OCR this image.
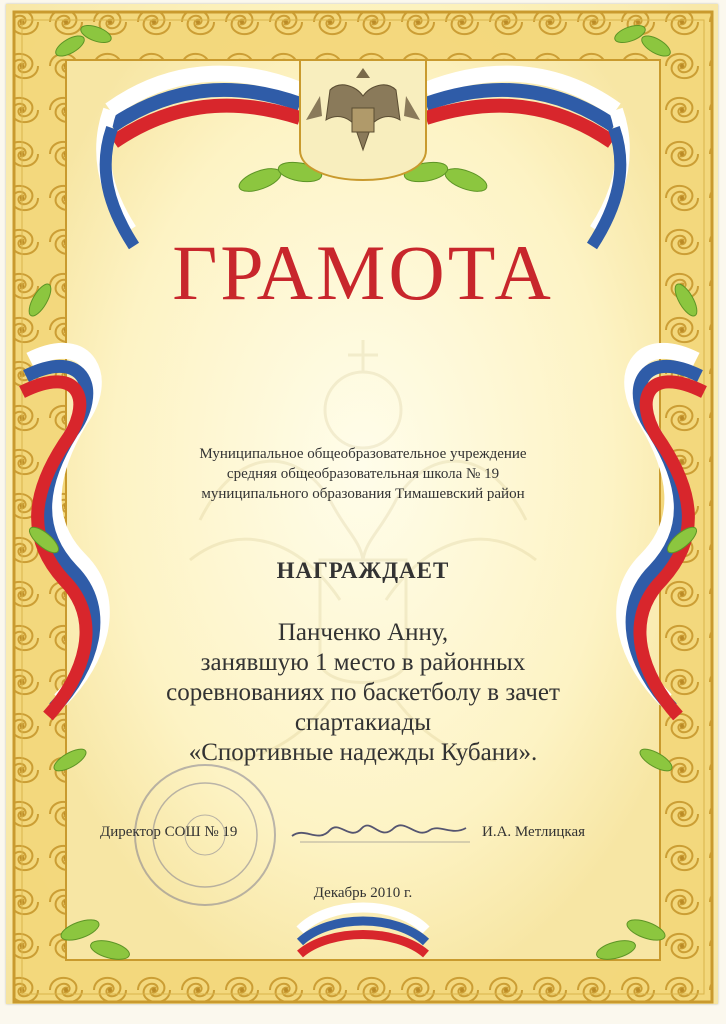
ГРАМОТА
Муниципальное общеобразовательное учреждение
средняя общеобразовательная школа № 19
муниципального образования Тимашевский район
НАГРАЖДАЕТ
Панченко Анну,
занявшую 1 место в районных
соревнованиях по баскетболу в зачет
спартакиады
«Спортивные надежды Кубани».
Директор СОШ № 19	И.А. Метлицкая
Декабрь 2010 г.
